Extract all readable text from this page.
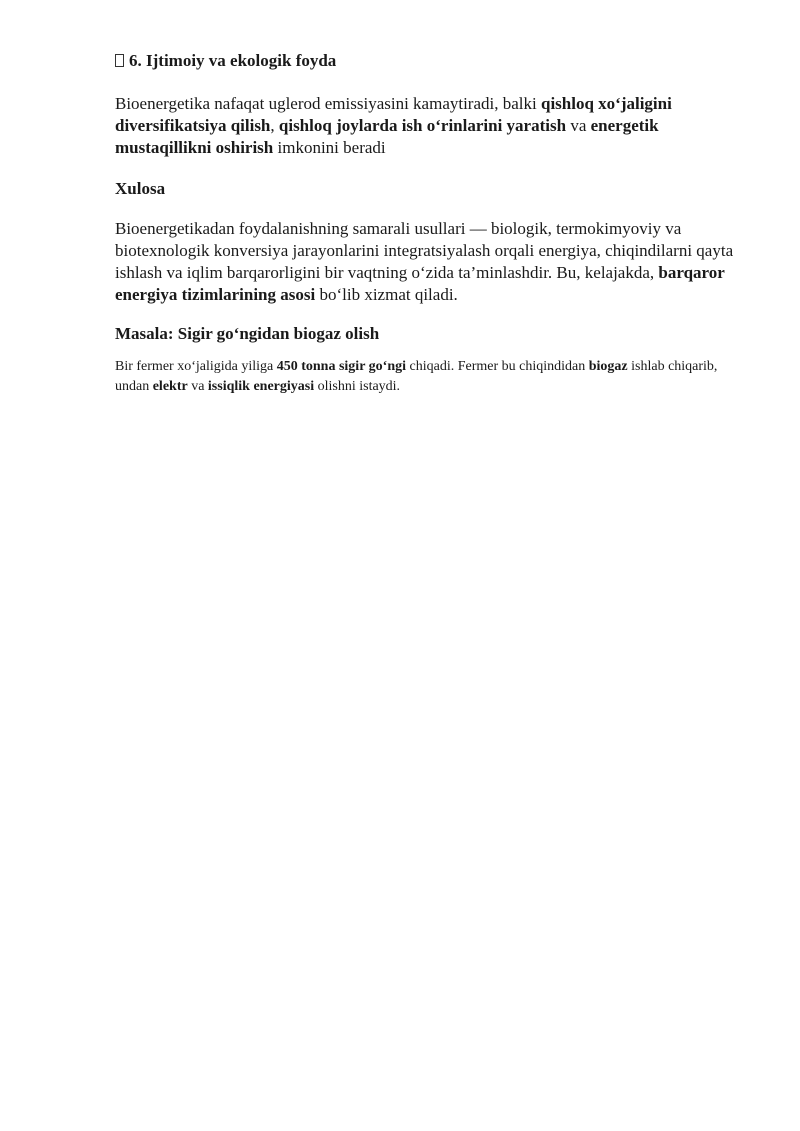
6. Ijtimoiy va ekologik foyda

Bioenergetika nafaqat uglerod emissiyasini kamaytiradi, balki qishloq xo‘jaligini diversifikatsiya qilish, qishloq joylarda ish o‘rinlarini yaratish va energetik mustaqillikni oshirish imkonini beradi

Xulosa

Bioenergetikadan foydalanishning samarali usullari — biologik, termokimyoviy va biotexnologik konversiya jarayonlarini integratsiyalash orqali energiya, chiqindilarni qayta ishlash va iqlim barqarorligini bir vaqtning o‘zida ta’minlashdir. Bu, kelajakda, barqaror energiya tizimlarining asosi bo‘lib xizmat qiladi.

Masala: Sigir go‘ngidan biogaz olish

Bir fermer xo‘jaligida yiliga 450 tonna sigir go‘ngi chiqadi. Fermer bu chiqindidan biogaz ishlab chiqarib, undan elektr va issiqlik energiyasi olishni istaydi.
